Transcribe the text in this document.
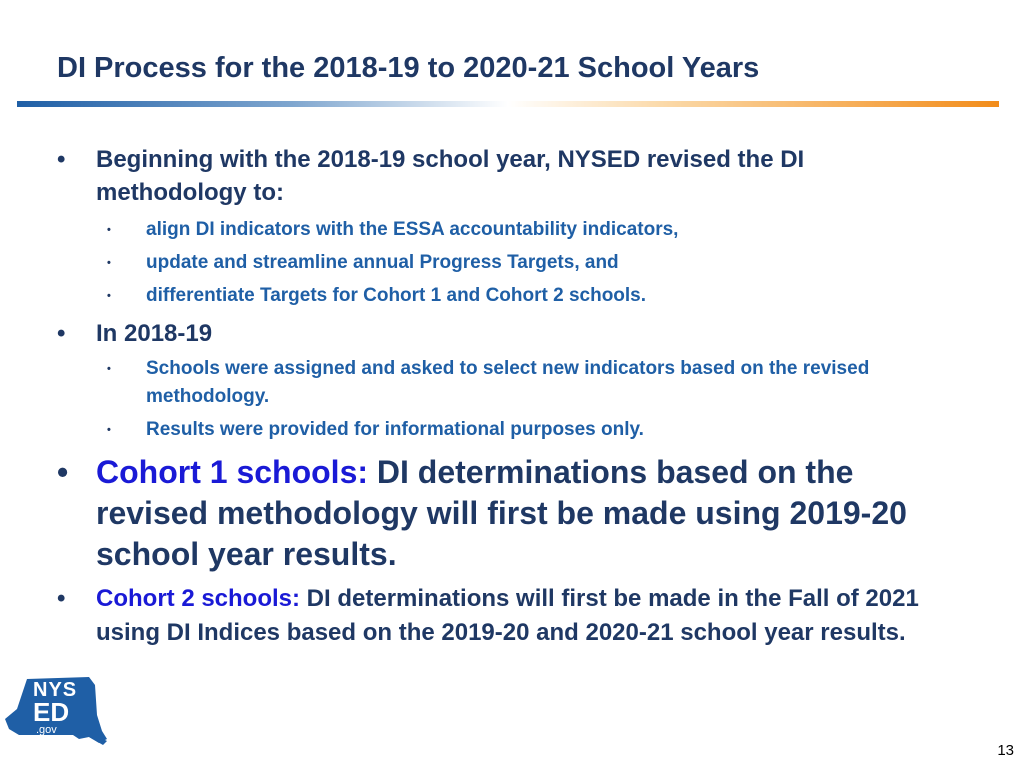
DI Process for the 2018-19 to 2020-21 School Years
• Beginning with the 2018-19 school year, NYSED revised the DI methodology to:
• align DI indicators with the ESSA accountability indicators,
• update and streamline annual Progress Targets, and
• differentiate Targets for Cohort 1 and Cohort 2 schools.
• In 2018-19
• Schools were assigned and asked to select new indicators based on the revised methodology.
• Results were provided for informational purposes only.
• Cohort 1 schools: DI determinations based on the revised methodology will first be made using 2019-20 school year results.
• Cohort 2 schools: DI determinations will first be made in the Fall of 2021 using DI Indices based on the 2019-20 and 2020-21 school year results.
NYS
ED
.gov
13
